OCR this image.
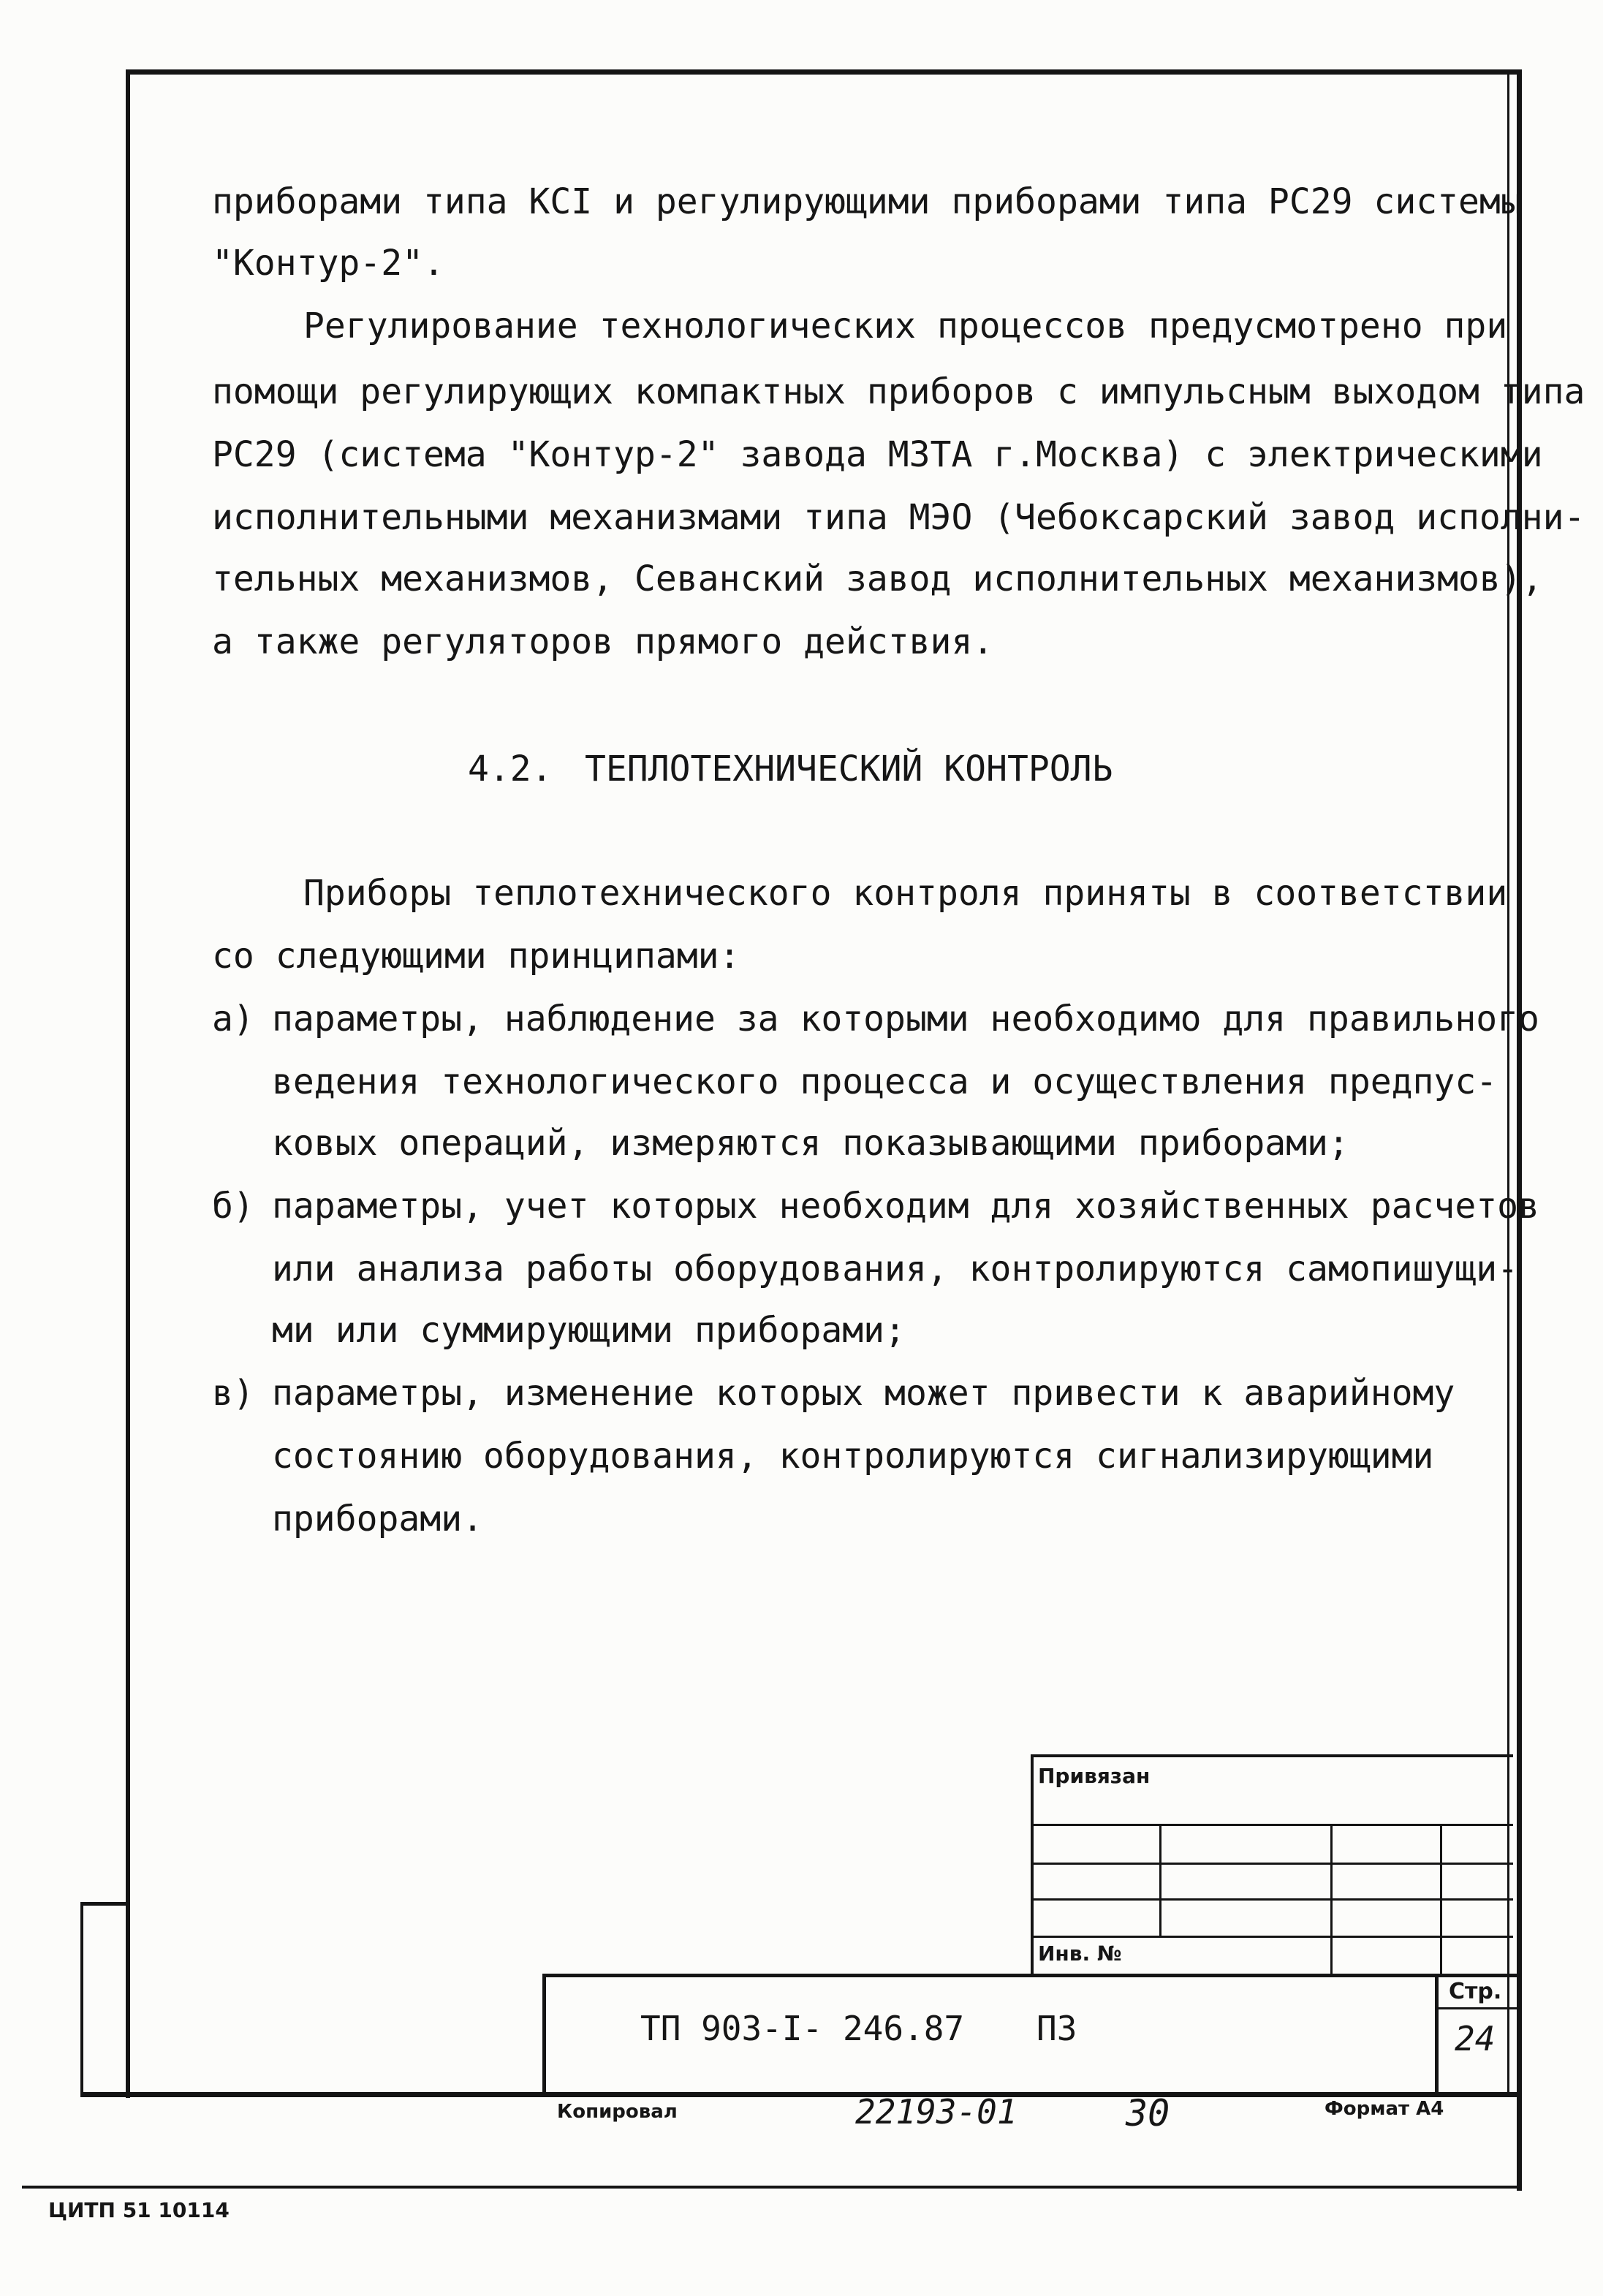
приборами типа КСI и регулирующими приборами типа РС29 системы
"Контур-2".
Регулирование технологических процессов предусмотрено при
помощи регулирующих компактных приборов с импульсным выходом типа
РС29 (система "Контур-2" завода МЗТА г.Москва) с электрическими
исполнительными механизмами типа МЭО (Чебоксарский завод исполни-
тельных механизмов, Севанский завод исполнительных механизмов),
а также регуляторов прямого действия.
4.2. ТЕПЛОТЕХНИЧЕСКИЙ КОНТРОЛЬ
Приборы теплотехнического контроля приняты в соответствии
со следующими принципами:
а) параметры, наблюдение за которыми необходимо для правильного
ведения технологического процесса и осуществления предпус-
ковых операций, измеряются показывающими приборами;
б) параметры, учет которых необходим для хозяйственных расчетов
или анализа работы оборудования, контролируются самопишущи-
ми или суммирующими приборами;
в) параметры, изменение которых может привести к аварийному
состоянию оборудования, контролируются сигнализирующими
приборами.
Привязан
Инв. №
ТП 903-I- 246.87 ПЗ
Стр.
24
Копировал	22193-01	30	Формат А4
ЦИТП 51 10114
